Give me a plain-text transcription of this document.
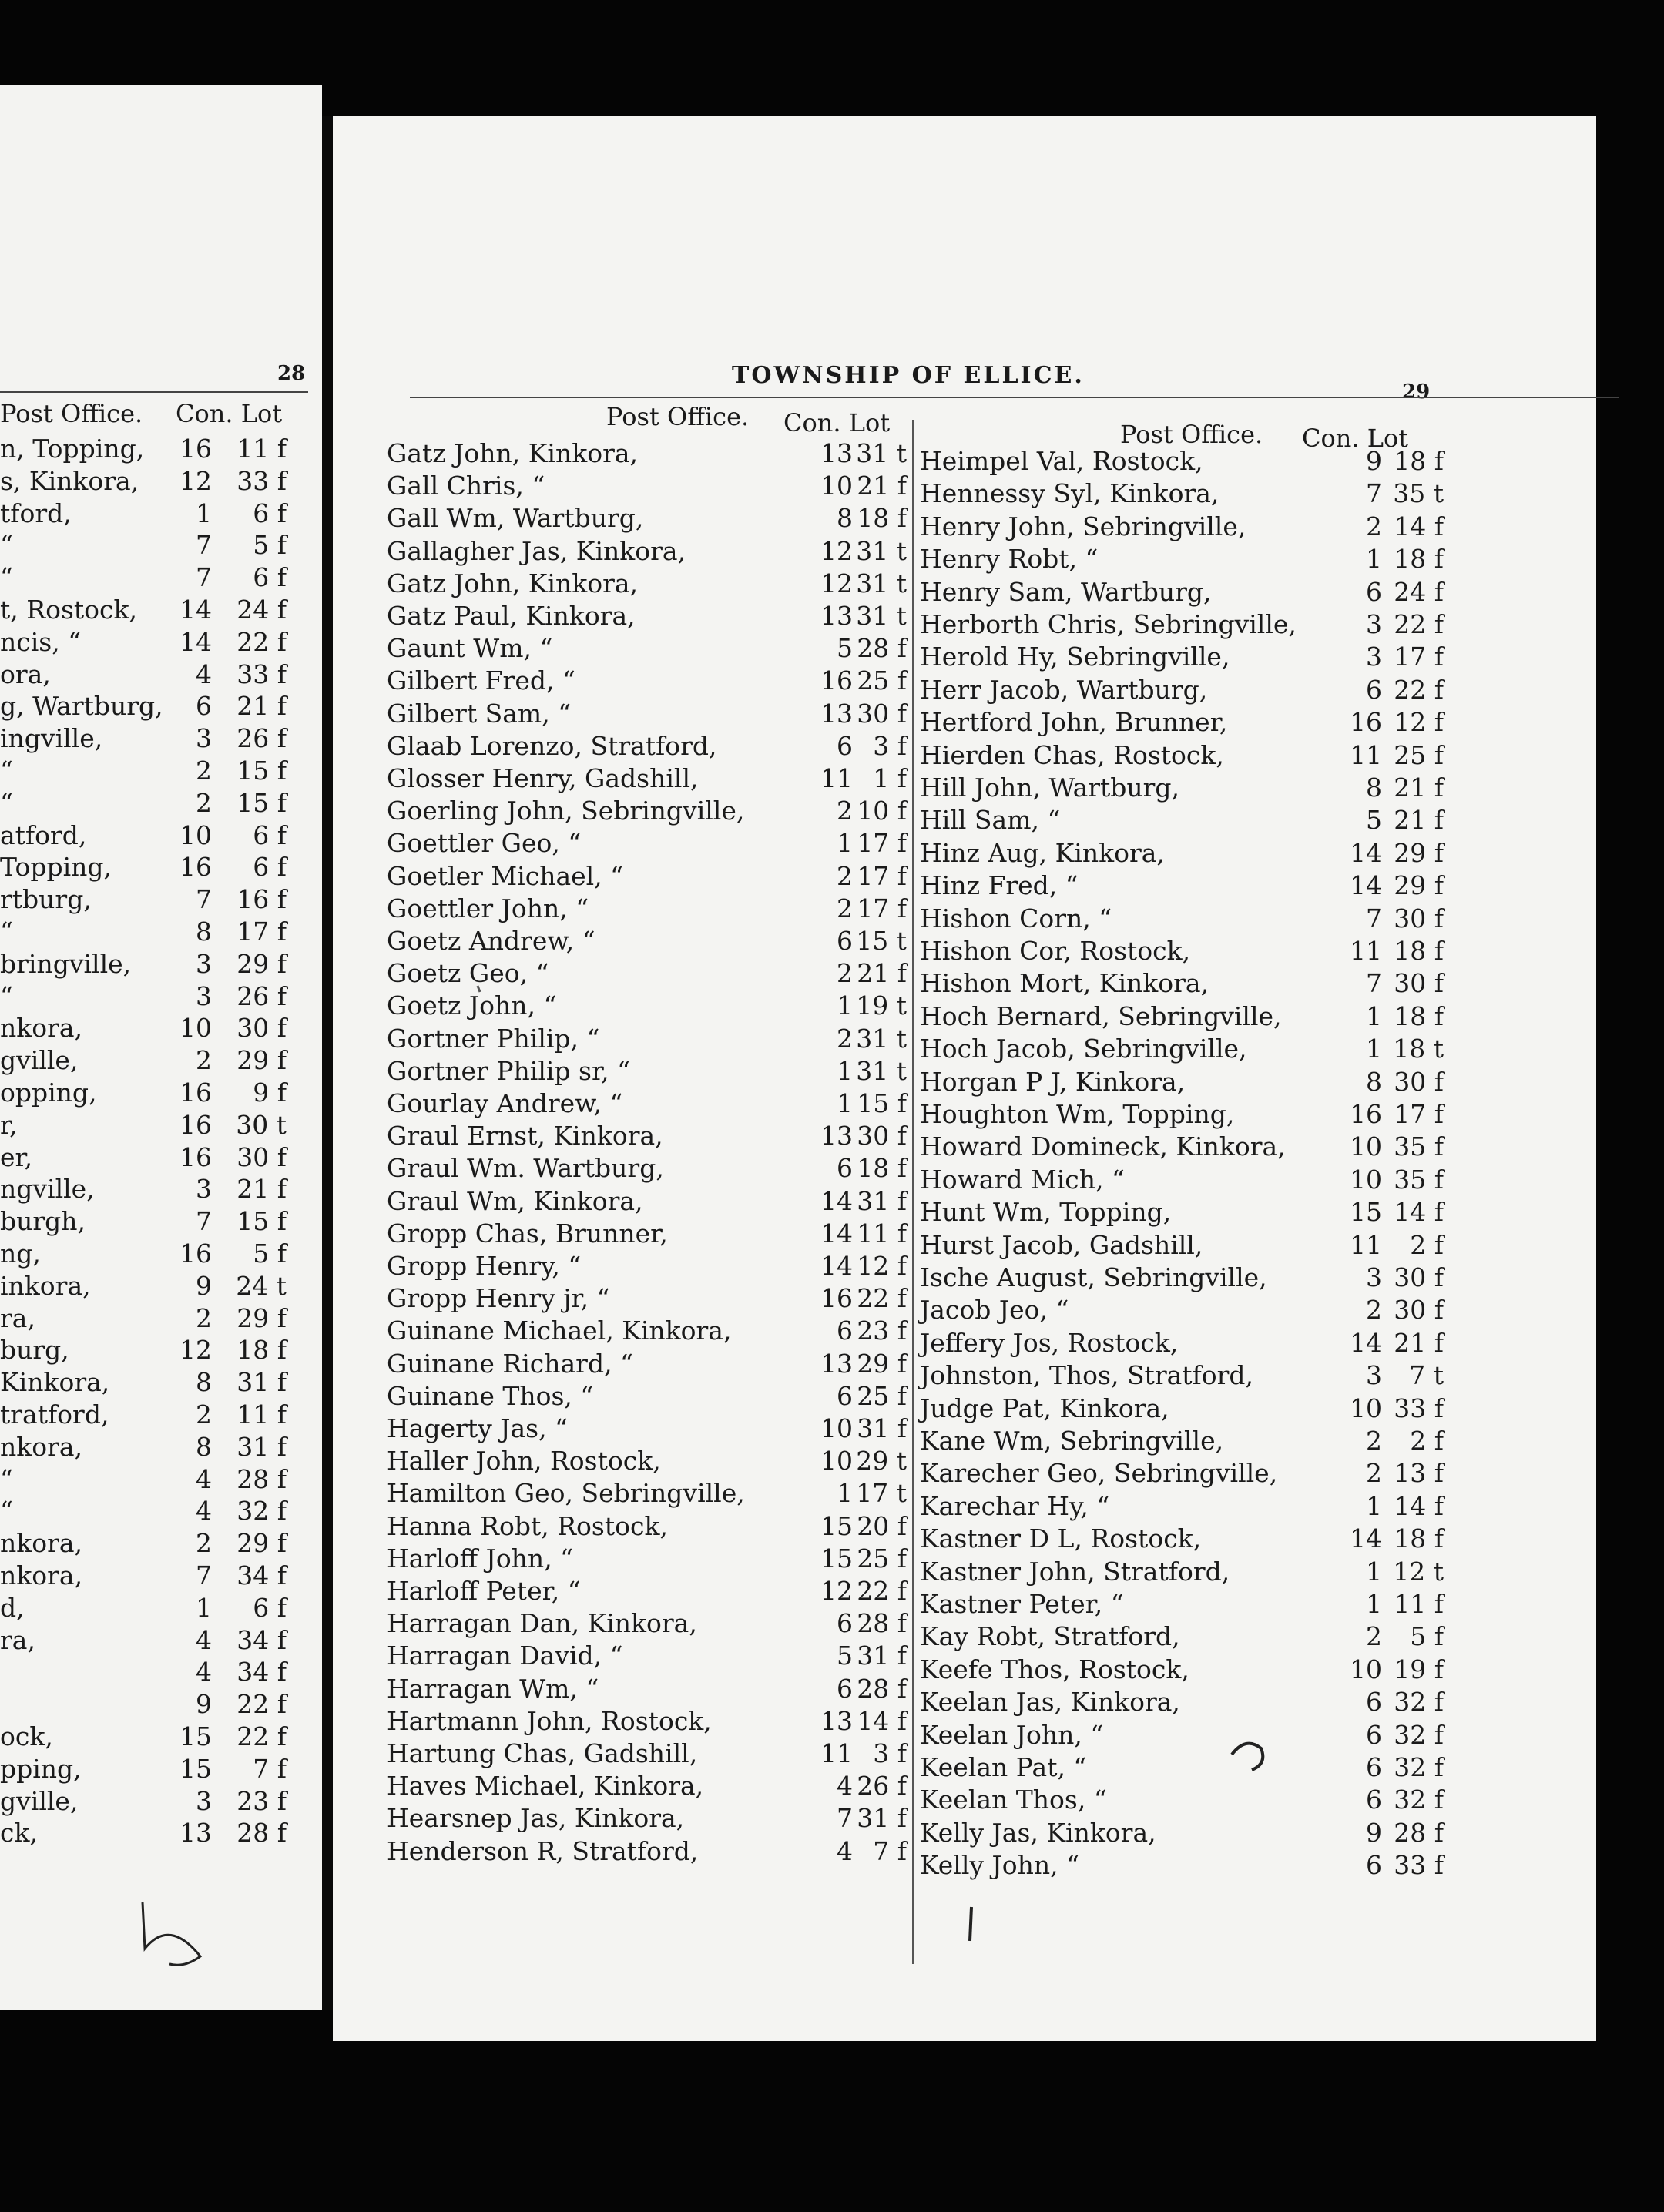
28
Post Office. Con. Lot
n, Topping, 16 11 f
s, Kinkora, 12 33 f
tford,	1 6 f
“	7 5 f
“	7 6 f
t, Rostock, 14 24 f
ncis, “	14 22 f
ora,	4 33 f
g, Wartburg, 6 21 f
ingville,	3 26 f
“	2 15 f
“	2 15 f
atford,	10 6 f
Topping,	16 6 f
rtburg,	7 16 f
“	8 17 f
bringville,	3 29 f
“	3 26 f
nkora,	10 30 f
gville,	2 29 f
opping,	16 9 f
r,	16 30 t
er,	16 30 f
ngville,	3 21 f
burgh,	7 15 f
ng,	16 5 f
inkora,	9 24 t
ra,	2 29 f
burg,	12 18 f
Kinkora,	8 31 f
tratford,	2 11 f
nkora,	8 31 f
“	4 28 f
“	4 32 f
nkora,	2 29 f
nkora,	7 34 f
d,	1 6 f
ra,	4 34 f
4 34 f
9 22 f
ock,	15 22 f
pping,	15 7 f
gville,	3 23 f
ck,	13 28 f
TOWNSHIP OF ELLICE.
29
Post Office. Con. Lot	Post Office. Con. Lot
Gatz John, Kinkora,	13 31 t
Gall Chris, “	10 21 f
Gall Wm, Wartburg,	8 18 f
Gallagher Jas, Kinkora,	12 31 t
Gatz John, Kinkora,	12 31 t
Gatz Paul, Kinkora,	13 31 t
Gaunt Wm, “	5 28 f
Gilbert Fred, “	16 25 f
Gilbert Sam, “	13 30 f
Glaab Lorenzo, Stratford,	6 3 f
Glosser Henry, Gadshill,	11 1 f
Goerling John, Sebringville,	2 10 f
Goettler Geo, “	1 17 f
Goetler Michael, “	2 17 f
Goettler John, “	2 17 f
Goetz Andrew, “	6 15 t
Goetz Geo, “	2 21 f
Goetz John, “	1 19 t
Gortner Philip, “	2 31 t
Gortner Philip sr, “	1 31 t
Gourlay Andrew, “	1 15 f
Graul Ernst, Kinkora,	13 30 f
Graul Wm. Wartburg,	6 18 f
Graul Wm, Kinkora,	14 31 f
Gropp Chas, Brunner,	14 11 f
Gropp Henry, “	14 12 f
Gropp Henry jr, “	16 22 f
Guinane Michael, Kinkora,	6 23 f
Guinane Richard, “	13 29 f
Guinane Thos, “	6 25 f
Hagerty Jas, “	10 31 f
Haller John, Rostock,	10 29 t
Hamilton Geo, Sebringville,	1 17 t
Hanna Robt, Rostock,	15 20 f
Harloff John, “	15 25 f
Harloff Peter, “	12 22 f
Harragan Dan, Kinkora,	6 28 f
Harragan David, “	5 31 f
Harragan Wm, “	6 28 f
Hartmann John, Rostock,	13 14 f
Hartung Chas, Gadshill,	11 3 f
Haves Michael, Kinkora,	4 26 f
Hearsnep Jas, Kinkora,	7 31 f
Henderson R, Stratford,	4 7 f
Heimpel Val, Rostock,	9 18 f
Hennessy Syl, Kinkora,	7 35 t
Henry John, Sebringville,	2 14 f
Henry Robt, “	1 18 f
Henry Sam, Wartburg,	6 24 f
Herborth Chris, Sebringville,	3 22 f
Herold Hy, Sebringville,	3 17 f
Herr Jacob, Wartburg,	6 22 f
Hertford John, Brunner,	16 12 f
Hierden Chas, Rostock,	11 25 f
Hill John, Wartburg,	8 21 f
Hill Sam, “	5 21 f
Hinz Aug, Kinkora,	14 29 f
Hinz Fred, “	14 29 f
Hishon Corn, “	7 30 f
Hishon Cor, Rostock,	11 18 f
Hishon Mort, Kinkora,	7 30 f
Hoch Bernard, Sebringville,	1 18 f
Hoch Jacob, Sebringville,	1 18 t
Horgan P J, Kinkora,	8 30 f
Houghton Wm, Topping,	16 17 f
Howard Domineck, Kinkora,	10 35 f
Howard Mich, “	10 35 f
Hunt Wm, Topping,	15 14 f
Hurst Jacob, Gadshill,	11 2 f
Ische August, Sebringville,	3 30 f
Jacob Jeo, “	2 30 f
Jeffery Jos, Rostock,	14 21 f
Johnston, Thos, Stratford,	3 7 t
Judge Pat, Kinkora,	10 33 f
Kane Wm, Sebringville,	2 2 f
Karecher Geo, Sebringville,	2 13 f
Karechar Hy, “	1 14 f
Kastner D L, Rostock,	14 18 f
Kastner John, Stratford,	1 12 t
Kastner Peter, “	1 11 f
Kay Robt, Stratford,	2 5 f
Keefe Thos, Rostock,	10 19 f
Keelan Jas, Kinkora,	6 32 f
Keelan John, “	6 32 f
Keelan Pat, “	6 32 f
Keelan Thos, “	6 32 f
Kelly Jas, Kinkora,	9 28 f
Kelly John, “	6 33 f
